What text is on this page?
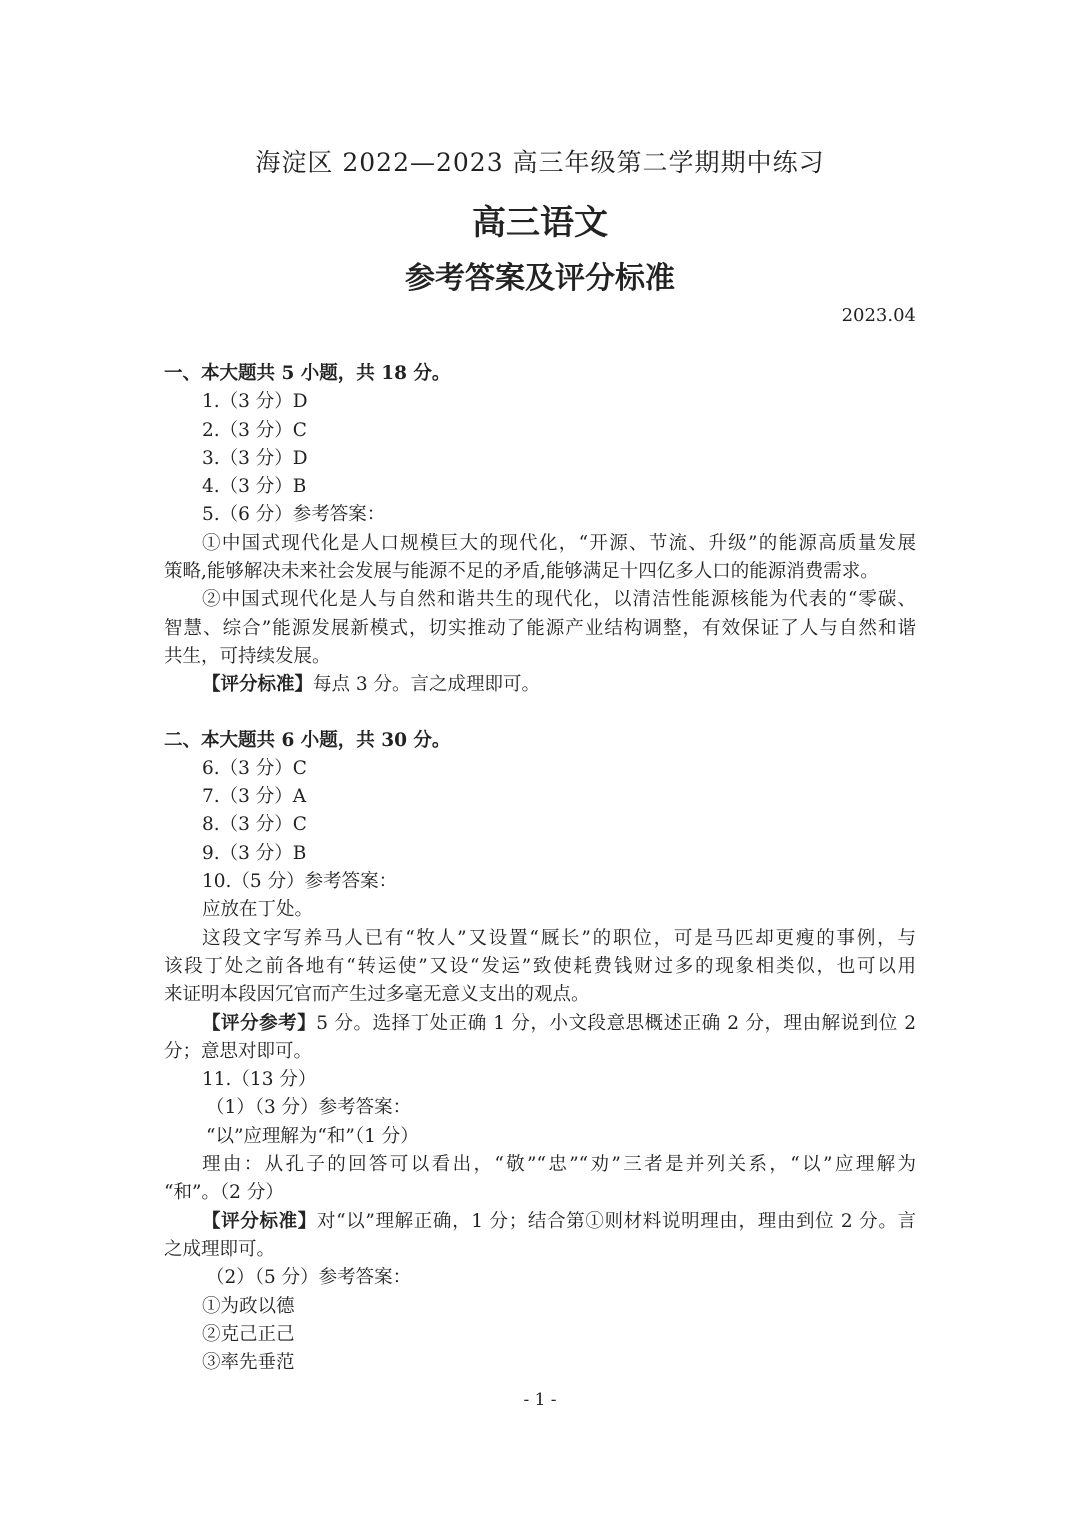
海淀区 2022—2023 高三年级第二学期期中练习
高三语文
参考答案及评分标准
2023.04
一、本大题共 5 小题，共 18 分。
1.（3 分）D
2.（3 分）C
3.（3 分）D
4.（3 分）B
5.（6 分）参考答案：
①中国式现代化是人口规模巨大的现代化，“开源、节流、升级”的能源高质量发展
策略,能够解决未来社会发展与能源不足的矛盾,能够满足十四亿多人口的能源消费需求。
②中国式现代化是人与自然和谐共生的现代化，以清洁性能源核能为代表的“零碳、
智慧、综合”能源发展新模式，切实推动了能源产业结构调整，有效保证了人与自然和谐
共生，可持续发展。
【评分标准】每点 3 分。言之成理即可。
二、本大题共 6 小题，共 30 分。
6.（3 分）C
7.（3 分）A
8.（3 分）C
9.（3 分）B
10.（5 分）参考答案：
应放在丁处。
这段文字写养马人已有“牧人”又设置“厩长”的职位，可是马匹却更瘦的事例，与
该段丁处之前各地有“转运使”又设“发运”致使耗费钱财过多的现象相类似，也可以用
来证明本段因冗官而产生过多毫无意义支出的观点。
【评分参考】5 分。选择丁处正确 1 分，小文段意思概述正确 2 分，理由解说到位 2
分；意思对即可。
11.（13 分）
（1）（3 分）参考答案：
“以”应理解为“和”（1 分）
理由：从孔子的回答可以看出，“敬”“忠”“劝”三者是并列关系，“以”应理解为
“和”。（2 分）
【评分标准】对“以”理解正确，1 分；结合第①则材料说明理由，理由到位 2 分。言
之成理即可。
（2）（5 分）参考答案：
①为政以德
②克己正己
③率先垂范
- 1 -
